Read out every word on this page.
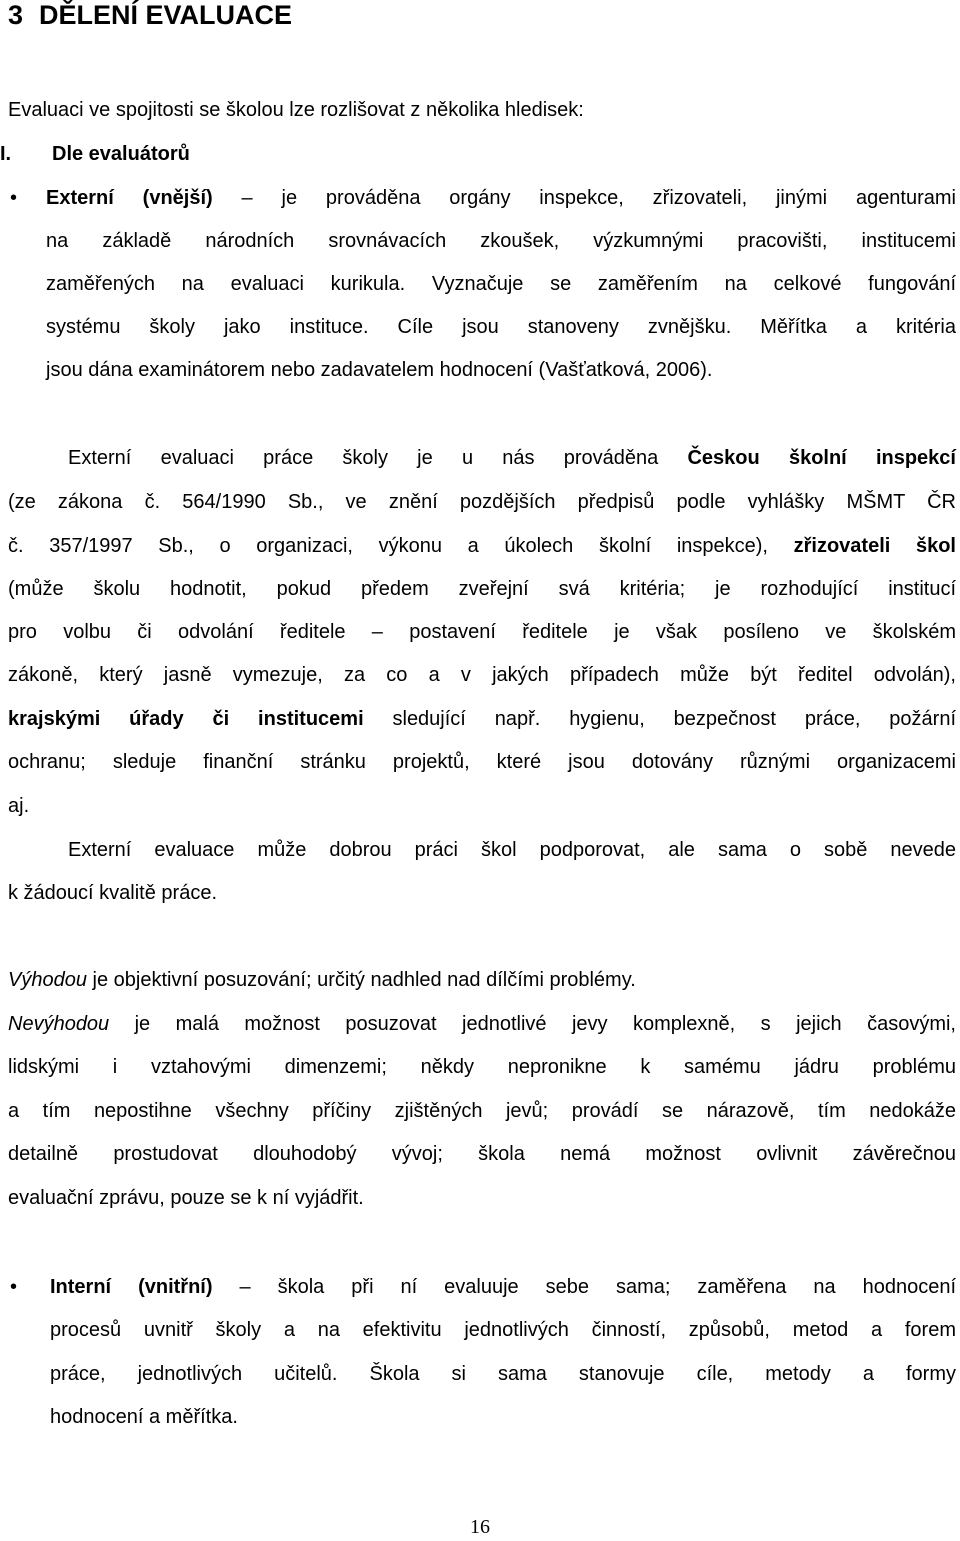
3 DĚLENÍ EVALUACE
Evaluaci ve spojitosti se školou lze rozlišovat z několika hledisek:
I. Dle evaluátorů
• Externí (vnější) – je prováděna orgány inspekce, zřizovateli, jinými agenturami
na základě národních srovnávacích zkoušek, výzkumnými pracovišti, institucemi
zaměřených na evaluaci kurikula. Vyznačuje se zaměřením na celkové fungování
systému školy jako instituce. Cíle jsou stanoveny zvnějšku. Měřítka a kritéria
jsou dána examinátorem nebo zadavatelem hodnocení (Vašťatková, 2006).
Externí evaluaci práce školy je u nás prováděna Českou školní inspekcí
(ze zákona č. 564/1990 Sb., ve znění pozdějších předpisů podle vyhlášky MŠMT ČR
č. 357/1997 Sb., o organizaci, výkonu a úkolech školní inspekce), zřizovateli škol
(může školu hodnotit, pokud předem zveřejní svá kritéria; je rozhodující institucí
pro volbu či odvolání ředitele – postavení ředitele je však posíleno ve školském
zákoně, který jasně vymezuje, za co a v jakých případech může být ředitel odvolán),
krajskými úřady či institucemi sledující např. hygienu, bezpečnost práce, požární
ochranu; sleduje finanční stránku projektů, které jsou dotovány různými organizacemi
aj.
Externí evaluace může dobrou práci škol podporovat, ale sama o sobě nevede
k žádoucí kvalitě práce.
Výhodou je objektivní posuzování; určitý nadhled nad dílčími problémy.
Nevýhodou je malá možnost posuzovat jednotlivé jevy komplexně, s jejich časovými,
lidskými i vztahovými dimenzemi; někdy nepronikne k samému jádru problému
a tím nepostihne všechny příčiny zjištěných jevů; provádí se nárazově, tím nedokáže
detailně prostudovat dlouhodobý vývoj; škola nemá možnost ovlivnit závěrečnou
evaluační zprávu, pouze se k ní vyjádřit.
• Interní (vnitřní) – škola při ní evaluuje sebe sama; zaměřena na hodnocení
procesů uvnitř školy a na efektivitu jednotlivých činností, způsobů, metod a forem
práce, jednotlivých učitelů. Škola si sama stanovuje cíle, metody a formy
hodnocení a měřítka.
16
